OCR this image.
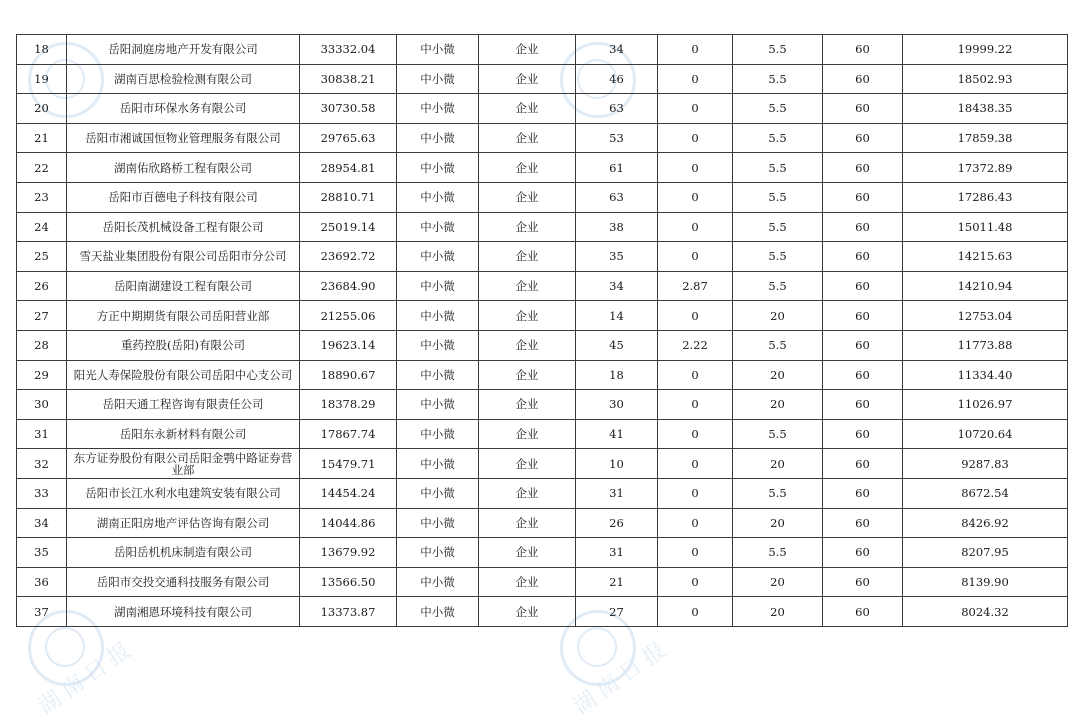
湖南日报	湖南日报
18	岳阳洞庭房地产开发有限公司	33332.04	中小微	企业	34	0	5.5	60	19999.22
19	湖南百思检验检测有限公司	30838.21	中小微	企业	46	0	5.5	60	18502.93
20	岳阳市环保水务有限公司	30730.58	中小微	企业	63	0	5.5	60	18438.35
21	岳阳市湘诚国恒物业管理服务有限公司	29765.63	中小微	企业	53	0	5.5	60	17859.38
22	湖南佑欣路桥工程有限公司	28954.81	中小微	企业	61	0	5.5	60	17372.89
23	岳阳市百德电子科技有限公司	28810.71	中小微	企业	63	0	5.5	60	17286.43
24	岳阳长茂机械设备工程有限公司	25019.14	中小微	企业	38	0	5.5	60	15011.48
25	雪天盐业集团股份有限公司岳阳市分公司	23692.72	中小微	企业	35	0	5.5	60	14215.63
26	岳阳南湖建设工程有限公司	23684.90	中小微	企业	34	2.87	5.5	60	14210.94
27	方正中期期货有限公司岳阳营业部	21255.06	中小微	企业	14	0	20	60	12753.04
28	重药控股(岳阳)有限公司	19623.14	中小微	企业	45	2.22	5.5	60	11773.88
29	阳光人寿保险股份有限公司岳阳中心支公司	18890.67	中小微	企业	18	0	20	60	11334.40
30	岳阳天通工程咨询有限责任公司	18378.29	中小微	企业	30	0	20	60	11026.97
31	岳阳东永新材料有限公司	17867.74	中小微	企业	41	0	5.5	60	10720.64
32	东方证券股份有限公司岳阳金鹗中路证券营业部	15479.71	中小微	企业	10	0	20	60	9287.83
33	岳阳市长江水利水电建筑安装有限公司	14454.24	中小微	企业	31	0	5.5	60	8672.54
34	湖南正阳房地产评估咨询有限公司	14044.86	中小微	企业	26	0	20	60	8426.92
35	岳阳岳机机床制造有限公司	13679.92	中小微	企业	31	0	5.5	60	8207.95
36	岳阳市交投交通科技服务有限公司	13566.50	中小微	企业	21	0	20	60	8139.90
37	湖南湘恩环境科技有限公司	13373.87	中小微	企业	27	0	20	60	8024.32
